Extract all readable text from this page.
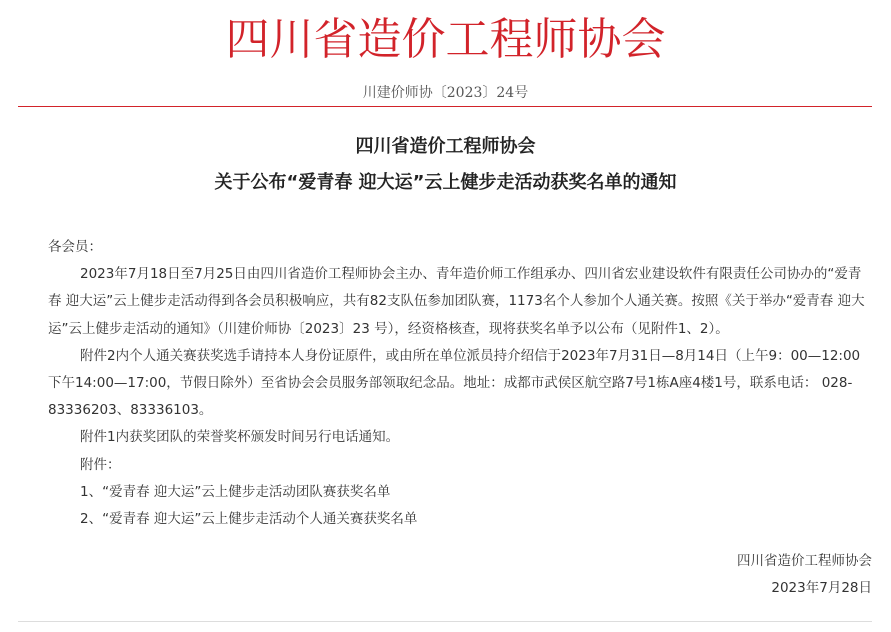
四川省造价工程师协会
川建价师协〔2023〕24号
四川省造价工程师协会
关于公布“爱青春 迎大运”云上健步走活动获奖名单的通知

各会员：

2023年7月18日至7月25日由四川省造价工程师协会主办、青年造价师工作组承办、四川省宏业建设软件有限责任公司协办的“爱青春 迎大运”云上健步走活动得到各会员积极响应，共有82支队伍参加团队赛，1173名个人参加个人通关赛。按照《关于举办“爱青春 迎大运”云上健步走活动的通知》（川建价师协〔2023〕23 号），经资格核查，现将获奖名单予以公布（见附件1、2）。

附件2内个人通关赛获奖选手请持本人身份证原件，或由所在单位派员持介绍信于2023年7月31日—8月14日（上午9：00—12:00 下午14:00—17:00，节假日除外）至省协会会员服务部领取纪念品。地址：成都市武侯区航空路7号1栋A座4楼1号，联系电话： 028-83336203、83336103。

附件1内获奖团队的荣誉奖杯颁发时间另行电话通知。

附件：

1、“爱青春 迎大运”云上健步走活动团队赛获奖名单

2、“爱青春 迎大运”云上健步走活动个人通关赛获奖名单

四川省造价工程师协会
2023年7月28日
